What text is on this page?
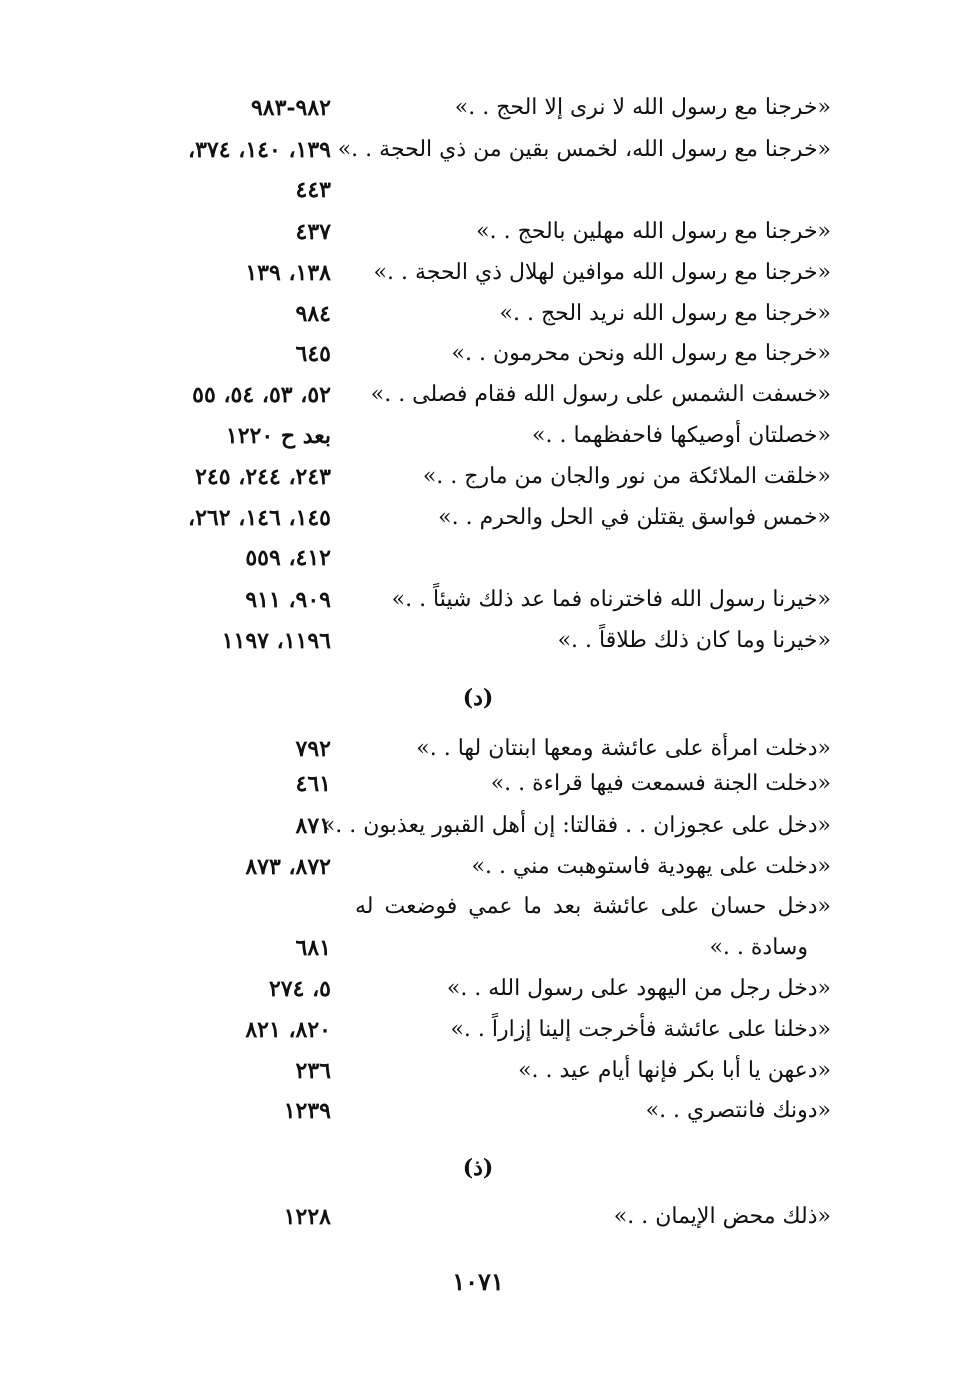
«خرجنا مع رسول الله لا نرى إلا الحج . .»
٩٨٢-٩٨٣
«خرجنا مع رسول الله، لخمس بقين من ذي الحجة . .»
١٣٩، ١٤٠، ٣٧٤،
٤٤٣
«خرجنا مع رسول الله مهلين بالحج . .»
٤٣٧
«خرجنا مع رسول الله موافين لهلال ذي الحجة . .»
١٣٨، ١٣٩
«خرجنا مع رسول الله نريد الحج . .»
٩٨٤
«خرجنا مع رسول الله ونحن محرمون . .»
٦٤٥
«خسفت الشمس على رسول الله فقام فصلى . .»
٥٢، ٥٣، ٥٤، ٥٥
«خصلتان أوصيكها فاحفظهما . .»
بعد ح ١٢٢٠
«خلقت الملائكة من نور والجان من مارج . .»
٢٤٣، ٢٤٤، ٢٤٥
«خمس فواسق يقتلن في الحل والحرم . .»
١٤٥، ١٤٦، ٢٦٢،
٤١٢، ٥٥٩
«خيرنا رسول الله فاخترناه فما عد ذلك شيئاً . .»
٩٠٩، ٩١١
«خيرنا وما كان ذلك طلاقاً . .»
١١٩٦، ١١٩٧
(د)
«دخلت امرأة على عائشة ومعها ابنتان لها . .»
٧٩٢
«دخلت الجنة فسمعت فيها قراءة . .»
٤٦١
«دخل على عجوزان . . فقالتا: إن أهل القبور يعذبون . .»
٨٧١
«دخلت على يهودية فاستوهبت مني . .»
٨٧٢، ٨٧٣
«دخل حسان على عائشة بعد ما عمي فوضعت له
وسادة . .»
٦٨١
«دخل رجل من اليهود على رسول الله . .»
٥، ٢٧٤
«دخلنا على عائشة فأخرجت إلينا إزاراً . .»
٨٢٠، ٨٢١
«دعهن يا أبا بكر فإنها أيام عيد . .»
٢٣٦
«دونك فانتصري . .»
١٢٣٩
(ذ)
«ذلك محض الإيمان . .»
١٢٢٨
١٠٧١
